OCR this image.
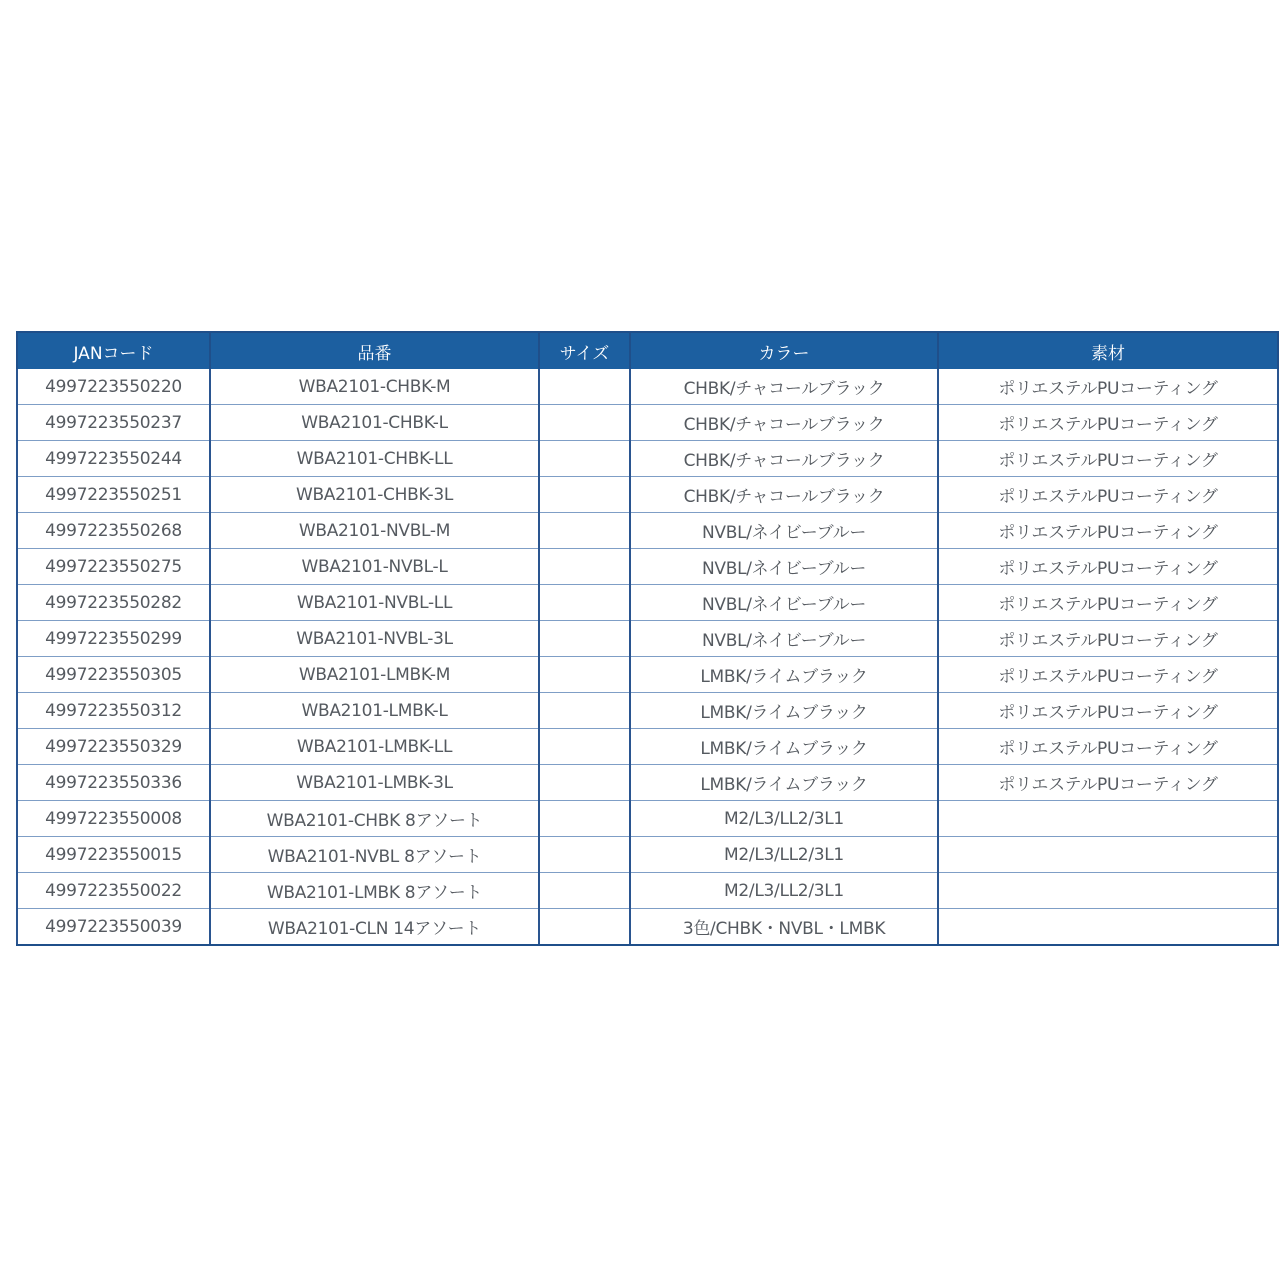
JANコード	品番	サイズ	カラー	素材
4997223550220	WBA2101-CHBK-M		CHBK/チャコールブラック	ポリエステルPUコーティング
4997223550237	WBA2101-CHBK-L		CHBK/チャコールブラック	ポリエステルPUコーティング
4997223550244	WBA2101-CHBK-LL		CHBK/チャコールブラック	ポリエステルPUコーティング
4997223550251	WBA2101-CHBK-3L		CHBK/チャコールブラック	ポリエステルPUコーティング
4997223550268	WBA2101-NVBL-M		NVBL/ネイビーブルー	ポリエステルPUコーティング
4997223550275	WBA2101-NVBL-L		NVBL/ネイビーブルー	ポリエステルPUコーティング
4997223550282	WBA2101-NVBL-LL		NVBL/ネイビーブルー	ポリエステルPUコーティング
4997223550299	WBA2101-NVBL-3L		NVBL/ネイビーブルー	ポリエステルPUコーティング
4997223550305	WBA2101-LMBK-M		LMBK/ライムブラック	ポリエステルPUコーティング
4997223550312	WBA2101-LMBK-L		LMBK/ライムブラック	ポリエステルPUコーティング
4997223550329	WBA2101-LMBK-LL		LMBK/ライムブラック	ポリエステルPUコーティング
4997223550336	WBA2101-LMBK-3L		LMBK/ライムブラック	ポリエステルPUコーティング
4997223550008	WBA2101-CHBK 8アソート		M2/L3/LL2/3L1	
4997223550015	WBA2101-NVBL 8アソート		M2/L3/LL2/3L1	
4997223550022	WBA2101-LMBK 8アソート		M2/L3/LL2/3L1	
4997223550039	WBA2101-CLN 14アソート		3色/CHBK・NVBL・LMBK	
